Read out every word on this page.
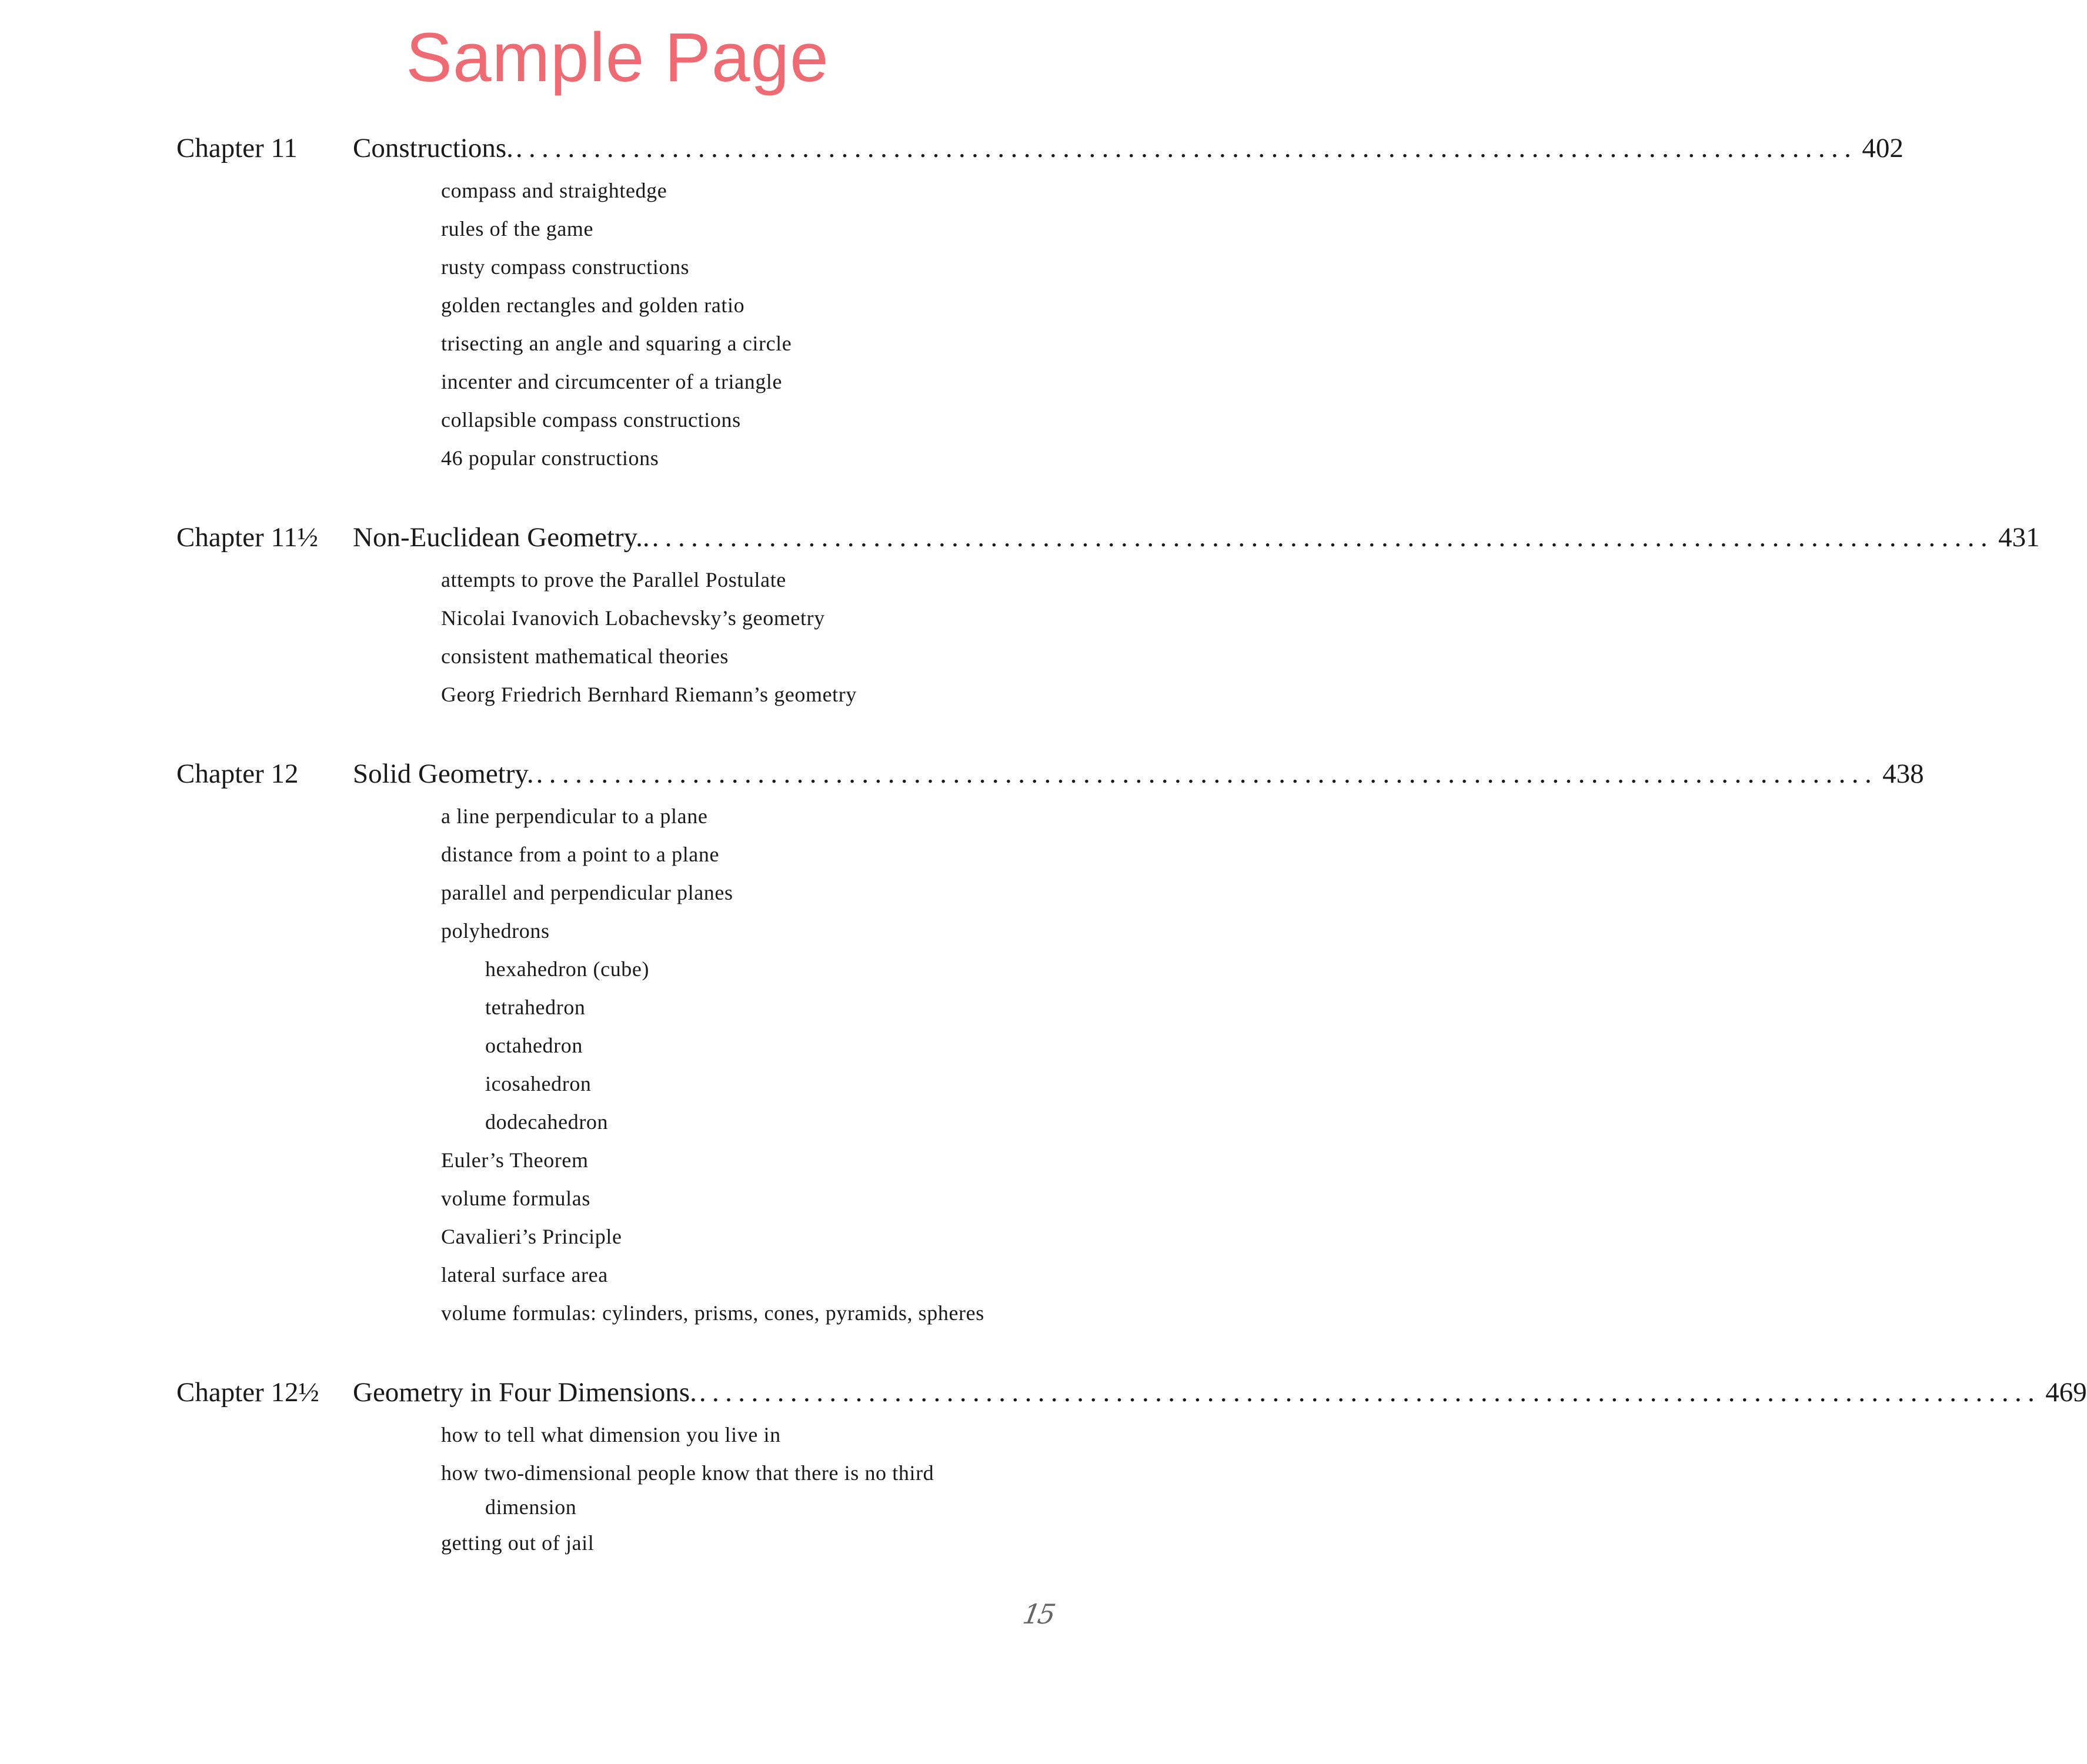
Sample Page
Chapter 11	Constructions. ....................................................................................................... 402
compass and straightedge
rules of the game
rusty compass constructions
golden rectangles and golden ratio
trisecting an angle and squaring a circle
incenter and circumcenter of a triangle
collapsible compass constructions
46 popular constructions
Chapter 11½	Non-Euclidean Geometry.. ....................................................................................................... 431
attempts to prove the Parallel Postulate
Nicolai Ivanovich Lobachevsky’s geometry
consistent mathematical theories
Georg Friedrich Bernhard Riemann’s geometry
Chapter 12	Solid Geometry. ....................................................................................................... 438
a line perpendicular to a plane
distance from a point to a plane
parallel and perpendicular planes
polyhedrons
hexahedron (cube)
tetrahedron
octahedron
icosahedron
dodecahedron
Euler’s Theorem
volume formulas
Cavalieri’s Principle
lateral surface area
volume formulas: cylinders, prisms, cones, pyramids, spheres
Chapter 12½	Geometry in Four Dimensions. ....................................................................................................... 469
how to tell what dimension you live in
how two-dimensional people know that there is no third
dimension
getting out of jail
15
